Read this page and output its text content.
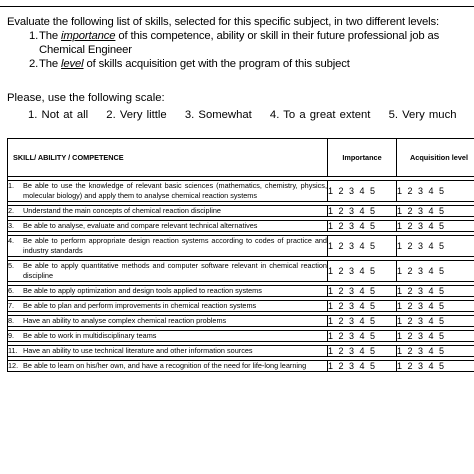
Evaluate the following list of skills, selected for this specific subject, in two different levels:
1. The importance of this competence, ability or skill in their future professional job as
Chemical Engineer
2. The level of skills acquisition get with the program of this subject
Please, use the following scale:
1. Not at all 2. Very little 3. Somewhat 4. To a great extent 5. Very much
SKILL/ ABILITY / COMPETENCE	Importance	Acquisition level

1. Be able to use the knowledge of relevant basic sciences (mathematics, chemistry, physics, molecular biology) and apply them to analyse chemical reaction systems	1 2 3 4 5	1 2 3 4 5

2. Understand the main concepts of chemical reaction discipline	1 2 3 4 5	1 2 3 4 5

3. Be able to analyse, evaluate and compare relevant technical alternatives	1 2 3 4 5	1 2 3 4 5

4. Be able to perform appropriate design reaction systems according to codes of practice and industry standards	1 2 3 4 5	1 2 3 4 5

5. Be able to apply quantitative methods and computer software relevant in chemical reaction discipline	1 2 3 4 5	1 2 3 4 5

6. Be able to apply optimization and design tools applied to reaction systems	1 2 3 4 5	1 2 3 4 5

7. Be able to plan and perform improvements in chemical reaction systems	1 2 3 4 5	1 2 3 4 5

8. Have an ability to analyse complex chemical reaction problems	1 2 3 4 5	1 2 3 4 5

9. Be able to work in multidisciplinary teams	1 2 3 4 5	1 2 3 4 5

11. Have an ability to use technical literature and other information sources	1 2 3 4 5	1 2 3 4 5

12. Be able to learn on his/her own, and have a recognition of the need for life-long learning	1 2 3 4 5	1 2 3 4 5
